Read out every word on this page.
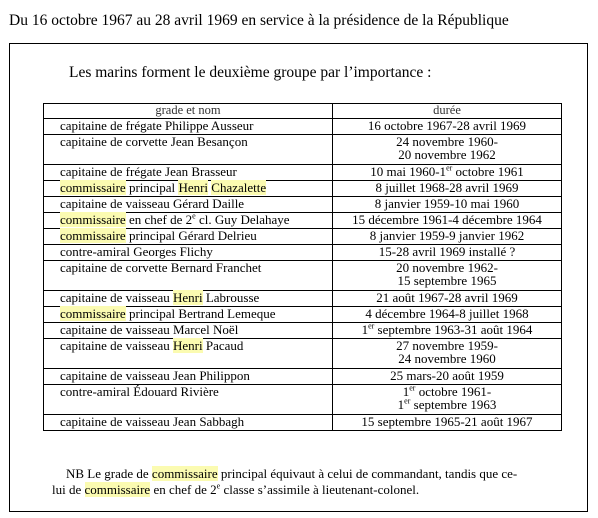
Du 16 octobre 1967 au 28 avril 1969 en service à la présidence de la République
Les marins forment le deuxième groupe par l’importance :
grade et nom	durée
capitaine de frégate Philippe Ausseur	16 octobre 1967-28 avril 1969

capitaine de corvette Jean Besançon	24 novembre 1960-
20 novembre 1962

capitaine de frégate Jean Brasseur	10 mai 1960-1er octobre 1961

commissaire principal Henri Chazalette	8 juillet 1968-28 avril 1969

capitaine de vaisseau Gérard Daille	8 janvier 1959-10 mai 1960

commissaire en chef de 2e cl. Guy Delahaye	15 décembre 1961-4 décembre 1964

commissaire principal Gérard Delrieu	8 janvier 1959-9 janvier 1962

contre-amiral Georges Flichy	15-28 avril 1969 installé ?

capitaine de corvette Bernard Franchet	20 novembre 1962-
15 septembre 1965

capitaine de vaisseau Henri Labrousse	21 août 1967-28 avril 1969

commissaire principal Bertrand Lemeque	4 décembre 1964-8 juillet 1968

capitaine de vaisseau Marcel Noël	1er septembre 1963-31 août 1964

capitaine de vaisseau Henri Pacaud	27 novembre 1959-
24 novembre 1960

capitaine de vaisseau Jean Philippon	25 mars-20 août 1959

contre-amiral Édouard Rivière	1er octobre 1961-
1er septembre 1963

capitaine de vaisseau Jean Sabbagh	15 septembre 1965-21 août 1967
NB Le grade de commissaire principal équivaut à celui de commandant, tandis que ce-
lui de commissaire en chef de 2e classe s’assimile à lieutenant-colonel.
